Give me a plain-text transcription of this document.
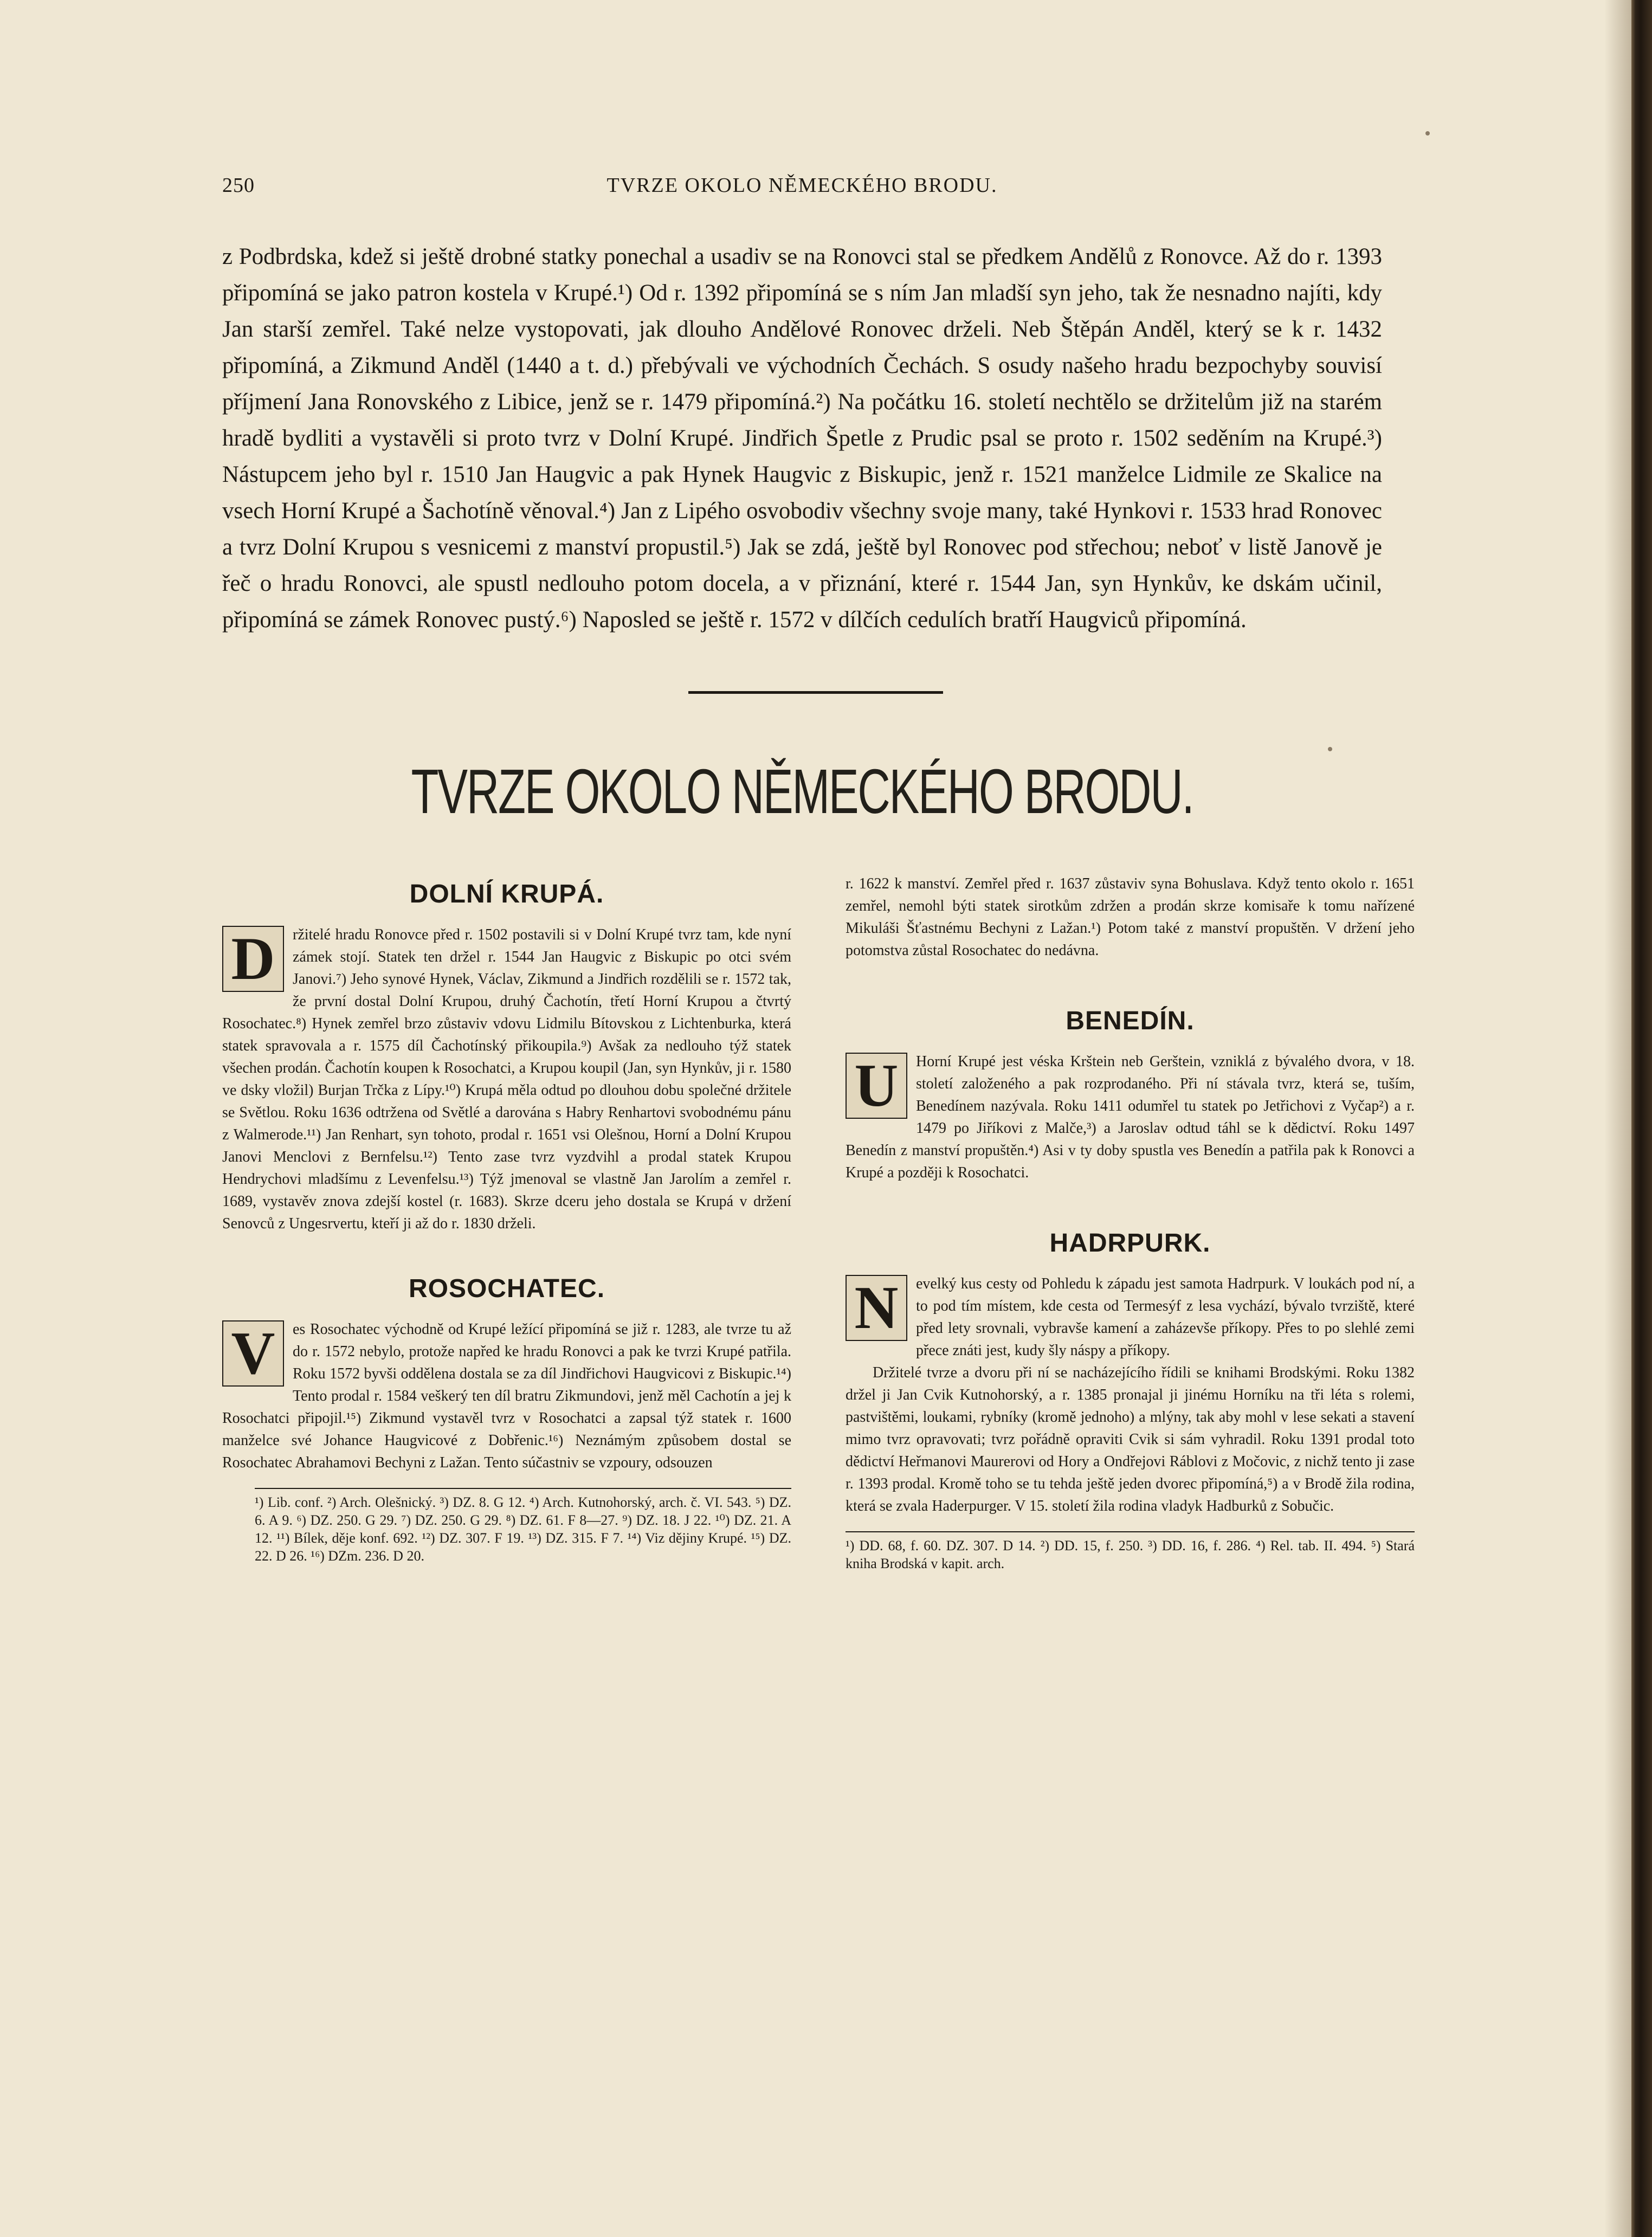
250	TVRZE OKOLO NĚMECKÉHO BRODU.

z Podbrdska, kdež si ještě drobné statky ponechal a usadiv se na Ronovci stal se předkem Andělů z Ronovce. Až do r. 1393 připomíná se jako patron kostela v Krupé.¹) Od r. 1392 připomíná se s ním Jan mladší syn jeho, tak že nesnadno najíti, kdy Jan starší zemřel. Také nelze vystopovati, jak dlouho Andělové Ronovec drželi. Neb Štěpán Anděl, který se k r. 1432 připomíná, a Zikmund Anděl (1440 a t. d.) přebývali ve východních Čechách. S osudy našeho hradu bezpochyby souvisí příjmení Jana Ronovského z Libice, jenž se r. 1479 připomíná.²) Na počátku 16. století nechtělo se držitelům již na starém hradě bydliti a vystavěli si proto tvrz v Dolní Krupé. Jindřich Špetle z Prudic psal se proto r. 1502 seděním na Krupé.³) Nástupcem jeho byl r. 1510 Jan Haugvic a pak Hynek Haugvic z Biskupic, jenž r. 1521 manželce Lidmile ze Skalice na vsech Horní Krupé a Šachotíně věnoval.⁴) Jan z Lipého osvobodiv všechny svoje many, také Hynkovi r. 1533 hrad Ronovec a tvrz Dolní Krupou s vesnicemi z manství propustil.⁵) Jak se zdá, ještě byl Ronovec pod střechou; neboť v listě Janově je řeč o hradu Ronovci, ale spustl nedlouho potom docela, a v přiznání, které r. 1544 Jan, syn Hynkův, ke dskám učinil, připomíná se zámek Ronovec pustý.⁶) Naposled se ještě r. 1572 v dílčích cedulích bratří Haugviců připomíná.

TVRZE OKOLO NĚMECKÉHO BRODU.
DOLNÍ KRUPÁ.

D	ržitelé hradu Ronovce před r. 1502 postavili si v Dolní Krupé tvrz tam, kde nyní zámek stojí. Statek ten držel r. 1544 Jan Haugvic z Biskupic po otci svém Janovi.⁷) Jeho synové Hynek, Václav, Zikmund a Jindřich rozdělili se r. 1572 tak, že první dostal Dolní Krupou, druhý Čachotín, třetí Horní Krupou a čtvrtý Rosochatec.⁸) Hynek zemřel brzo zůstaviv vdovu Lidmilu Bítovskou z Lichtenburka, která statek spravovala a r. 1575 díl Čachotínský přikoupila.⁹) Avšak za nedlouho týž statek všechen prodán. Čachotín koupen k Rosochatci, a Krupou koupil (Jan, syn Hynkův, ji r. 1580 ve dsky vložil) Burjan Trčka z Lípy.¹⁰) Krupá měla odtud po dlouhou dobu společné držitele se Světlou. Roku 1636 odtržena od Světlé a darována s Habry Renhartovi svobodnému pánu z Walmerode.¹¹) Jan Renhart, syn tohoto, prodal r. 1651 vsi Olešnou, Horní a Dolní Krupou Janovi Menclovi z Bernfelsu.¹²) Tento zase tvrz vyzdvihl a prodal statek Krupou Hendrychovi mladšímu z Levenfelsu.¹³) Týž jmenoval se vlastně Jan Jarolím a zemřel r. 1689, vystavěv znova zdejší kostel (r. 1683). Skrze dceru jeho dostala se Krupá v držení Senovců z Ungesrvertu, kteří ji až do r. 1830 drželi.

ROSOCHATEC.

V	es Rosochatec východně od Krupé ležící připomíná se již r. 1283, ale tvrze tu až do r. 1572 nebylo, protože napřed ke hradu Ronovci a pak ke tvrzi Krupé patřila. Roku 1572 byvši oddělena dostala se za díl Jindřichovi Haugvicovi z Biskupic.¹⁴) Tento prodal r. 1584 veškerý ten díl bratru Zikmundovi, jenž měl Cachotín a jej k Rosochatci připojil.¹⁵) Zikmund vystavěl tvrz v Rosochatci a zapsal týž statek r. 1600 manželce své Johance Haugvicové z Dobřenic.¹⁶) Neznámým způsobem dostal se Rosochatec Abrahamovi Bechyni z Lažan. Tento súčastniv se vzpoury, odsouzen

¹) Lib. conf. ²) Arch. Olešnický. ³) DZ. 8. G 12. ⁴) Arch. Kutnohorský, arch. č. VI. 543. ⁵) DZ. 6. A 9. ⁶) DZ. 250. G 29. ⁷) DZ. 250. G 29. ⁸) DZ. 61. F 8—27. ⁹) DZ. 18. J 22. ¹⁰) DZ. 21. A 12. ¹¹) Bílek, děje konf. 692. ¹²) DZ. 307. F 19. ¹³) DZ. 315. F 7. ¹⁴) Viz dějiny Krupé. ¹⁵) DZ. 22. D 26. ¹⁶) DZm. 236. D 20.

r. 1622 k manství. Zemřel před r. 1637 zůstaviv syna Bohuslava. Když tento okolo r. 1651 zemřel, nemohl býti statek sirotkům zdržen a prodán skrze komisaře k tomu nařízené Mikuláši Šťastnému Bechyni z Lažan.¹) Potom také z manství propuštěn. V držení jeho potomstva zůstal Rosochatec do nedávna.

BENEDÍN.

U	Horní Krupé jest véska Krštein neb Gerštein, vzniklá z bývalého dvora, v 18. století založeného a pak rozprodaného. Při ní stávala tvrz, která se, tuším, Benedínem nazývala. Roku 1411 odumřel tu statek po Jetřichovi z Vyčap²) a r. 1479 po Jiříkovi z Malče,³) a Jaroslav odtud táhl se k dědictví. Roku 1497 Benedín z manství propuštěn.⁴) Asi v ty doby spustla ves Benedín a patřila pak k Ronovci a Krupé a později k Rosochatci.

HADRPURK.

N	evelký kus cesty od Pohledu k západu jest samota Hadrpurk. V loukách pod ní, a to pod tím místem, kde cesta od Termesýf z lesa vychází, bývalo tvrziště, které před lety srovnali, vybravše kamení a zaházevše příkopy. Přes to po slehlé zemi přece znáti jest, kudy šly náspy a příkopy.

Držitelé tvrze a dvoru při ní se nacházejícího řídili se knihami Brodskými. Roku 1382 držel ji Jan Cvik Kutnohorský, a r. 1385 pronajal ji jinému Horníku na tři léta s rolemi, pastvištěmi, loukami, rybníky (kromě jednoho) a mlýny, tak aby mohl v lese sekati a stavení mimo tvrz opravovati; tvrz pořádně opraviti Cvik si sám vyhradil. Roku 1391 prodal toto dědictví Heřmanovi Maurerovi od Hory a Ondřejovi Ráblovi z Močovic, z nichž tento ji zase r. 1393 prodal. Kromě toho se tu tehda ještě jeden dvorec připomíná,⁵) a v Brodě žila rodina, která se zvala Haderpurger. V 15. století žila rodina vladyk Hadburků z Sobučic.

¹) DD. 68, f. 60. DZ. 307. D 14. ²) DD. 15, f. 250. ³) DD. 16, f. 286. ⁴) Rel. tab. II. 494. ⁵) Stará kniha Brodská v kapit. arch.
